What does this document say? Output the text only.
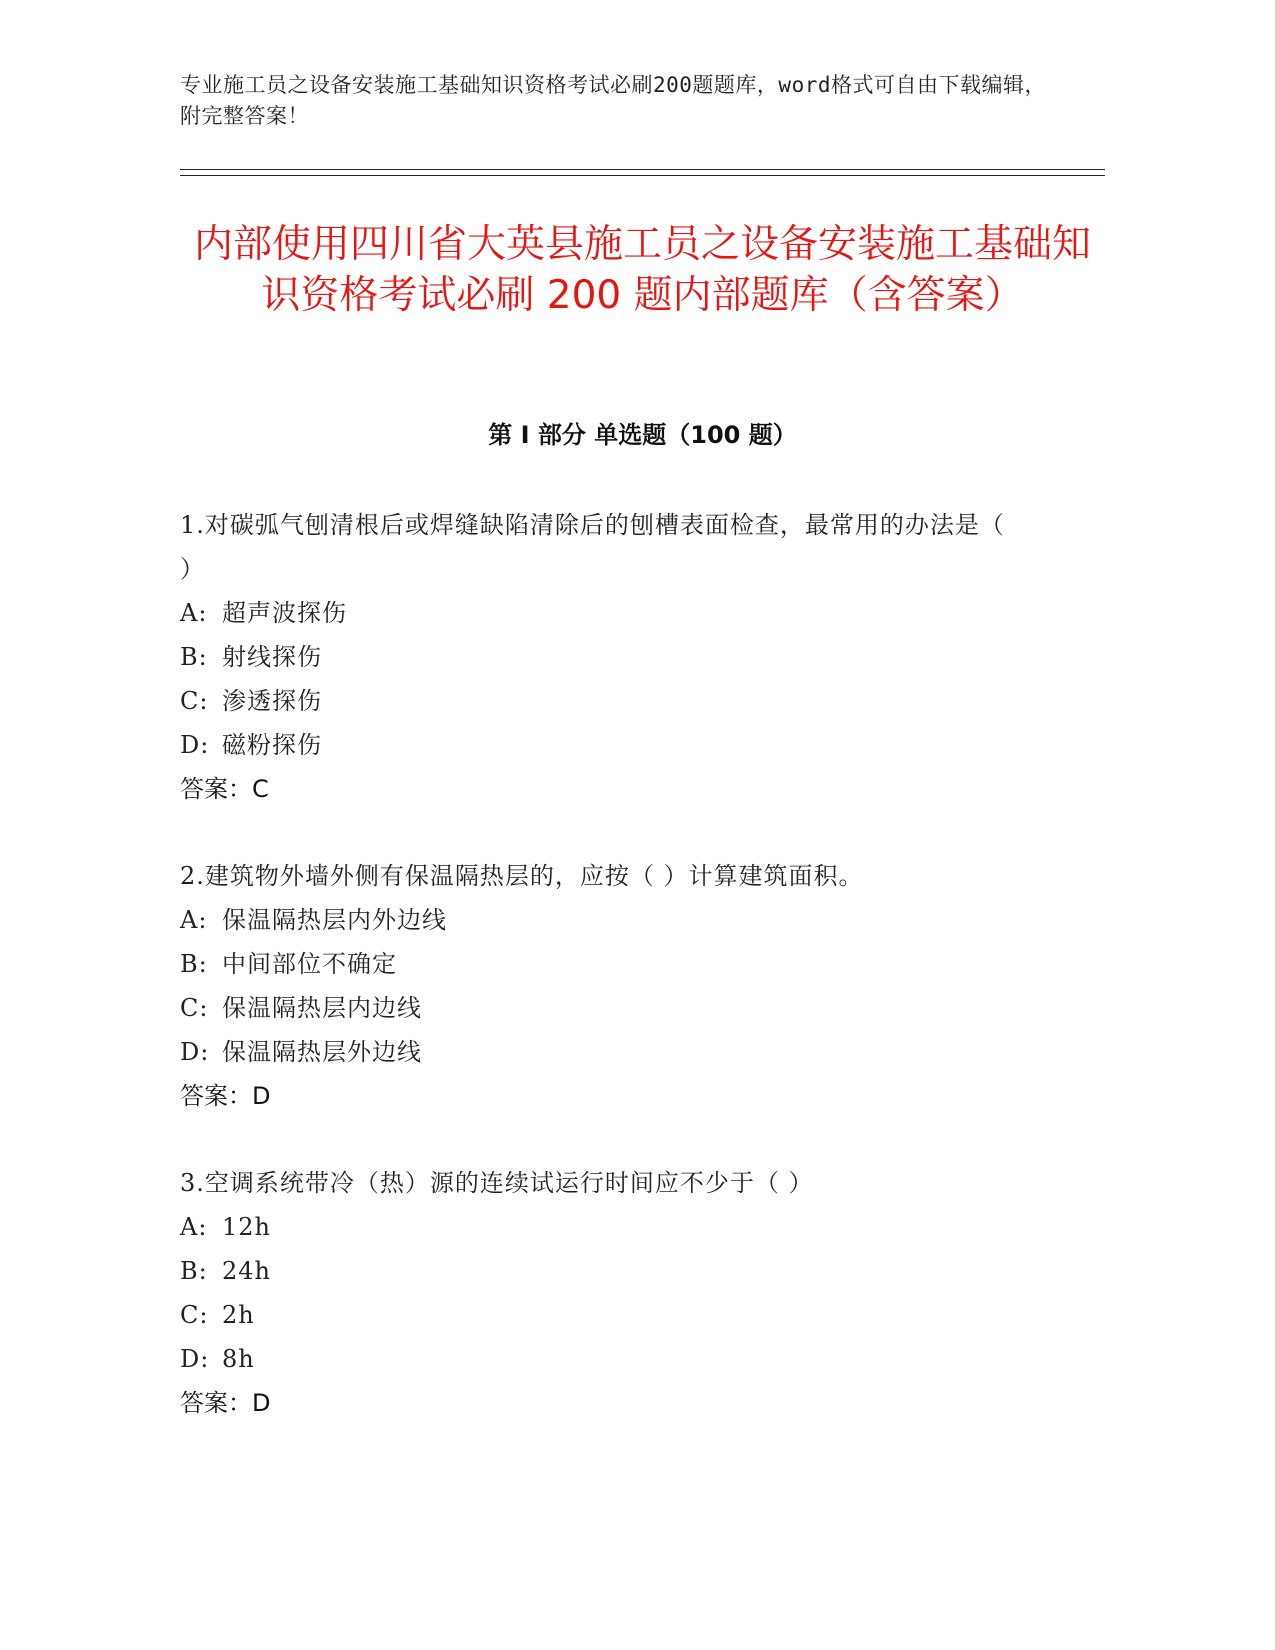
专业施工员之设备安装施工基础知识资格考试必刷200题题库，word格式可自由下载编辑，附完整答案！
内部使用四川省大英县施工员之设备安装施工基础知识资格考试必刷 200 题内部题库（含答案）
第 I 部分 单选题（100 题）
1.对碳弧气刨清根后或焊缝缺陷清除后的刨槽表面检查，最常用的办法是（ ）
A: 超声波探伤
B: 射线探伤
C: 渗透探伤
D: 磁粉探伤
答案：C
2.建筑物外墙外侧有保温隔热层的，应按（ ）计算建筑面积。
A: 保温隔热层内外边线
B: 中间部位不确定
C: 保温隔热层内边线
D: 保温隔热层外边线
答案：D
3.空调系统带冷（热）源的连续试运行时间应不少于（ ）
A: 12h
B: 24h
C: 2h
D: 8h
答案：D
